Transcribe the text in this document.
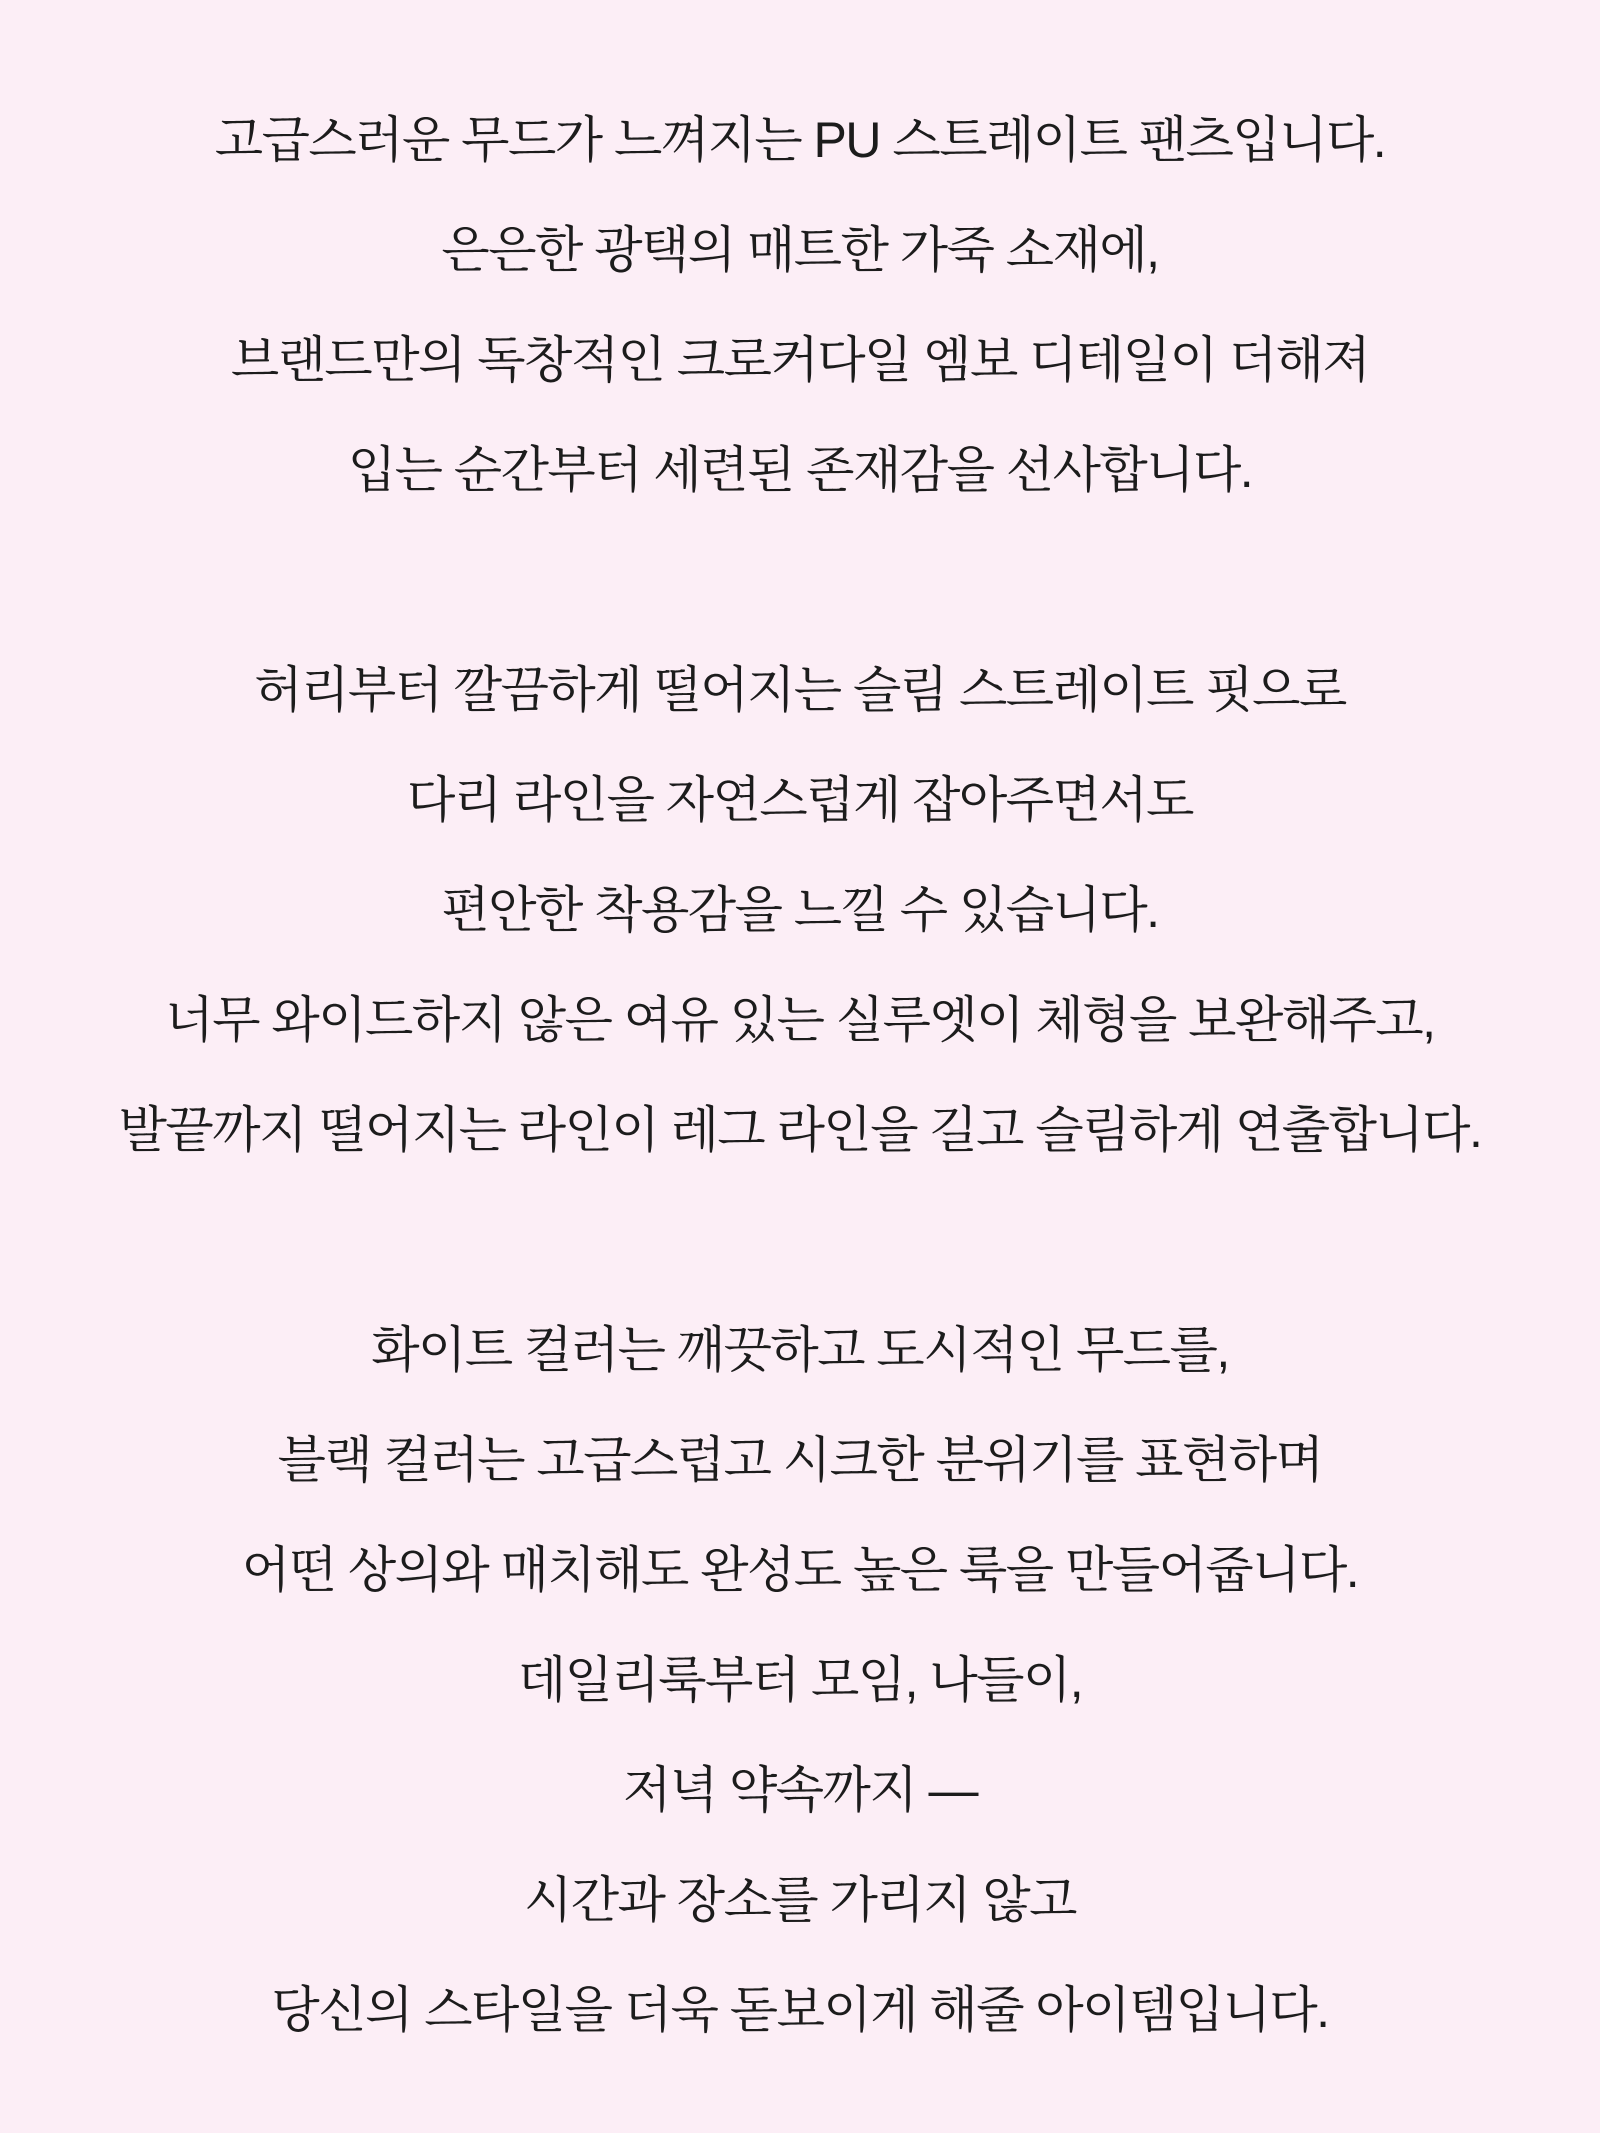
고급스러운 무드가 느껴지는 PU 스트레이트 팬츠입니다.
은은한 광택의 매트한 가죽 소재에,
브랜드만의 독창적인 크로커다일 엠보 디테일이 더해져
입는 순간부터 세련된 존재감을 선사합니다.
허리부터 깔끔하게 떨어지는 슬림 스트레이트 핏으로
다리 라인을 자연스럽게 잡아주면서도
편안한 착용감을 느낄 수 있습니다.
너무 와이드하지 않은 여유 있는 실루엣이 체형을 보완해주고,
발끝까지 떨어지는 라인이 레그 라인을 길고 슬림하게 연출합니다.
화이트 컬러는 깨끗하고 도시적인 무드를,
블랙 컬러는 고급스럽고 시크한 분위기를 표현하며
어떤 상의와 매치해도 완성도 높은 룩을 만들어줍니다.
데일리룩부터 모임, 나들이,
저녁 약속까지 —
시간과 장소를 가리지 않고
당신의 스타일을 더욱 돋보이게 해줄 아이템입니다.
